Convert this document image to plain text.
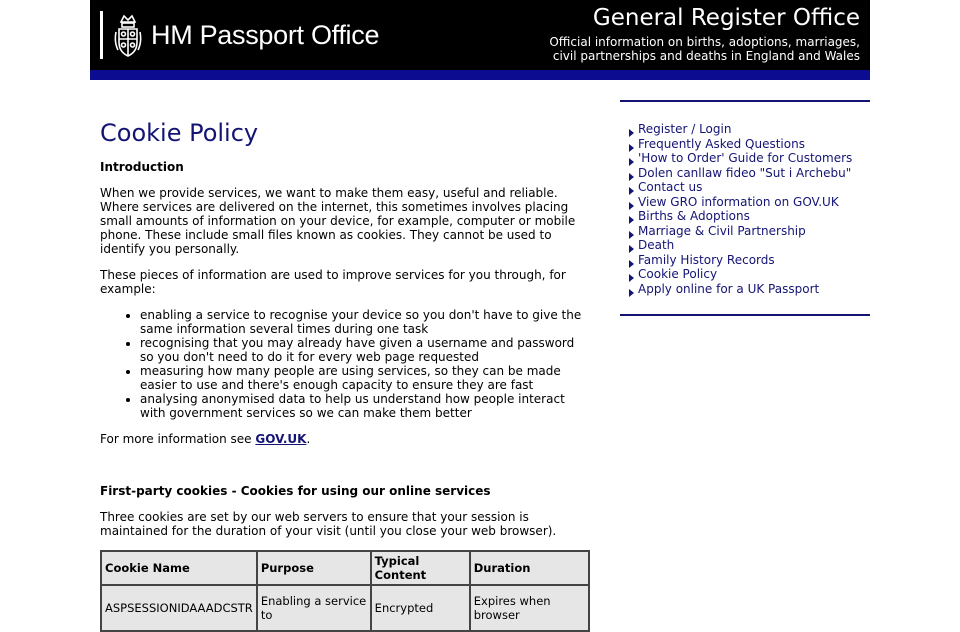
HM Passport Office
General Register Office
Official information on births, adoptions, marriages,
civil partnerships and deaths in England and Wales
Cookie Policy

Introduction

When we provide services, we want to make them easy, useful and reliable. Where services are delivered on the internet, this sometimes involves placing small amounts of information on your device, for example, computer or mobile phone. These include small files known as cookies. They cannot be used to identify you personally.

These pieces of information are used to improve services for you through, for example:

• enabling a service to recognise your device so you don't have to give the same information several times during one task
• recognising that you may already have given a username and password so you don't need to do it for every web page requested
• measuring how many people are using services, so they can be made easier to use and there's enough capacity to ensure they are fast
• analysing anonymised data to help us understand how people interact with government services so we can make them better

For more information see GOV.UK.

First-party cookies - Cookies for using our online services

Three cookies are set by our web servers to ensure that your session is maintained for the duration of your visit (until you close your web browser).

Cookie Name	Purpose	Typical Content	Duration
ASPSESSIONIDAAADCSTR	Enabling a service to	Encrypted	Expires when browser
Register / Login
Frequently Asked Questions
'How to Order' Guide for Customers
Dolen canllaw fideo "Sut i Archebu"
Contact us
View GRO information on GOV.UK
Births & Adoptions
Marriage & Civil Partnership
Death
Family History Records
Cookie Policy
Apply online for a UK Passport
